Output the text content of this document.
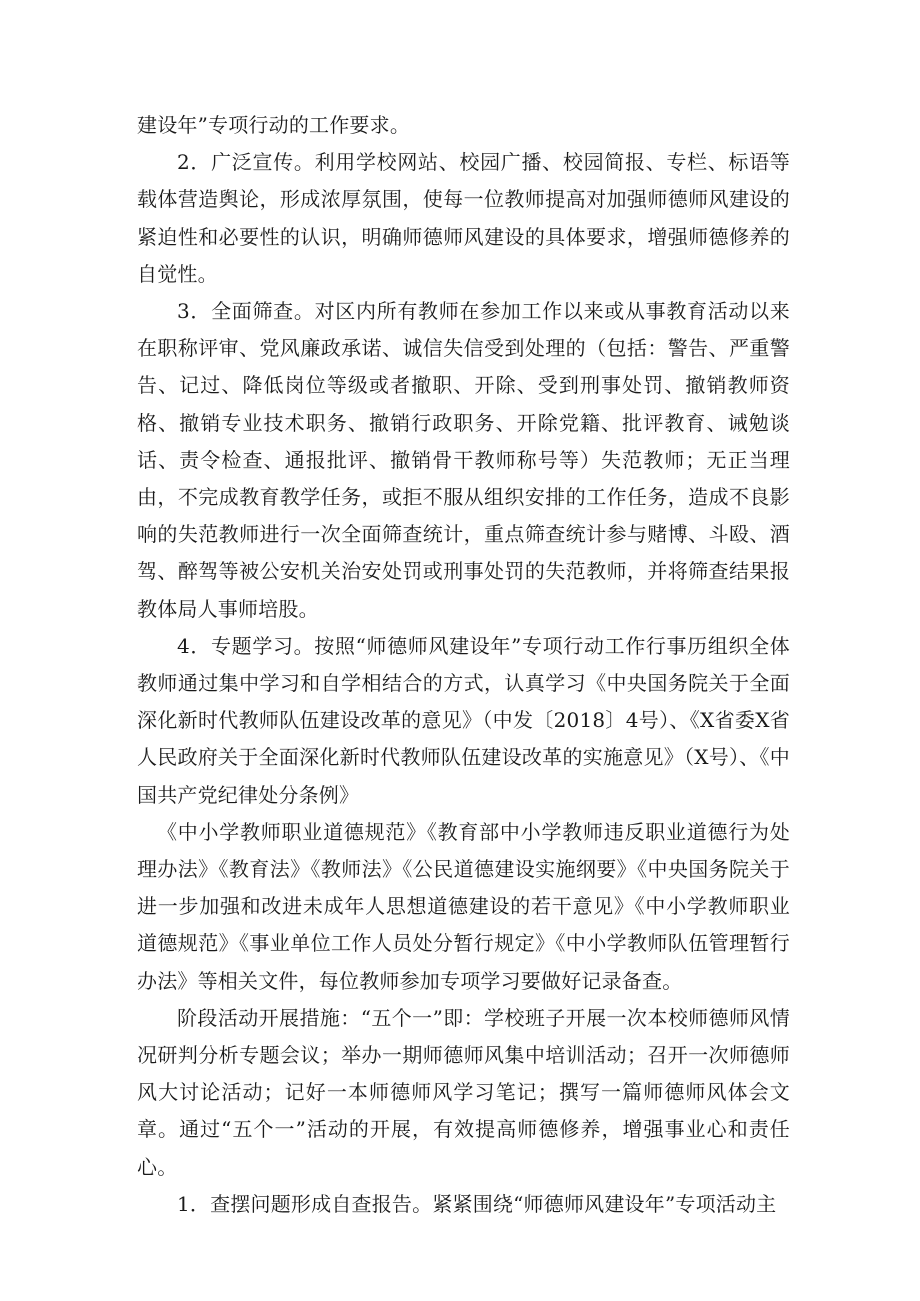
建设年”专项行动的工作要求。

2．广泛宣传。利用学校网站、校园广播、校园简报、专栏、标语等载体营造舆论，形成浓厚氛围，使每一位教师提高对加强师德师风建设的紧迫性和必要性的认识，明确师德师风建设的具体要求，增强师德修养的自觉性。

3．全面筛查。对区内所有教师在参加工作以来或从事教育活动以来在职称评审、党风廉政承诺、诚信失信受到处理的（包括：警告、严重警告、记过、降低岗位等级或者撤职、开除、受到刑事处罚、撤销教师资格、撤销专业技术职务、撤销行政职务、开除党籍、批评教育、诫勉谈话、责令检查、通报批评、撤销骨干教师称号等）失范教师；无正当理由，不完成教育教学任务，或拒不服从组织安排的工作任务，造成不良影响的失范教师进行一次全面筛查统计，重点筛查统计参与赌博、斗殴、酒驾、醉驾等被公安机关治安处罚或刑事处罚的失范教师，并将筛查结果报教体局人事师培股。

4．专题学习。按照“师德师风建设年”专项行动工作行事历组织全体教师通过集中学习和自学相结合的方式，认真学习《中央国务院关于全面深化新时代教师队伍建设改革的意见》（中发〔2018〕4号）、《X省委X省人民政府关于全面深化新时代教师队伍建设改革的实施意见》（X号）、《中国共产党纪律处分条例》

《中小学教师职业道德规范》《教育部中小学教师违反职业道德行为处理办法》《教育法》《教师法》《公民道德建设实施纲要》《中央国务院关于进一步加强和改进未成年人思想道德建设的若干意见》《中小学教师职业道德规范》《事业单位工作人员处分暂行规定》《中小学教师队伍管理暂行办法》等相关文件，每位教师参加专项学习要做好记录备查。

阶段活动开展措施：“五个一”即：学校班子开展一次本校师德师风情况研判分析专题会议；举办一期师德师风集中培训活动；召开一次师德师风大讨论活动；记好一本师德师风学习笔记；撰写一篇师德师风体会文章。通过“五个一”活动的开展，有效提高师德修养，增强事业心和责任心。

1．查摆问题形成自查报告。紧紧围绕“师德师风建设年”专项活动主
